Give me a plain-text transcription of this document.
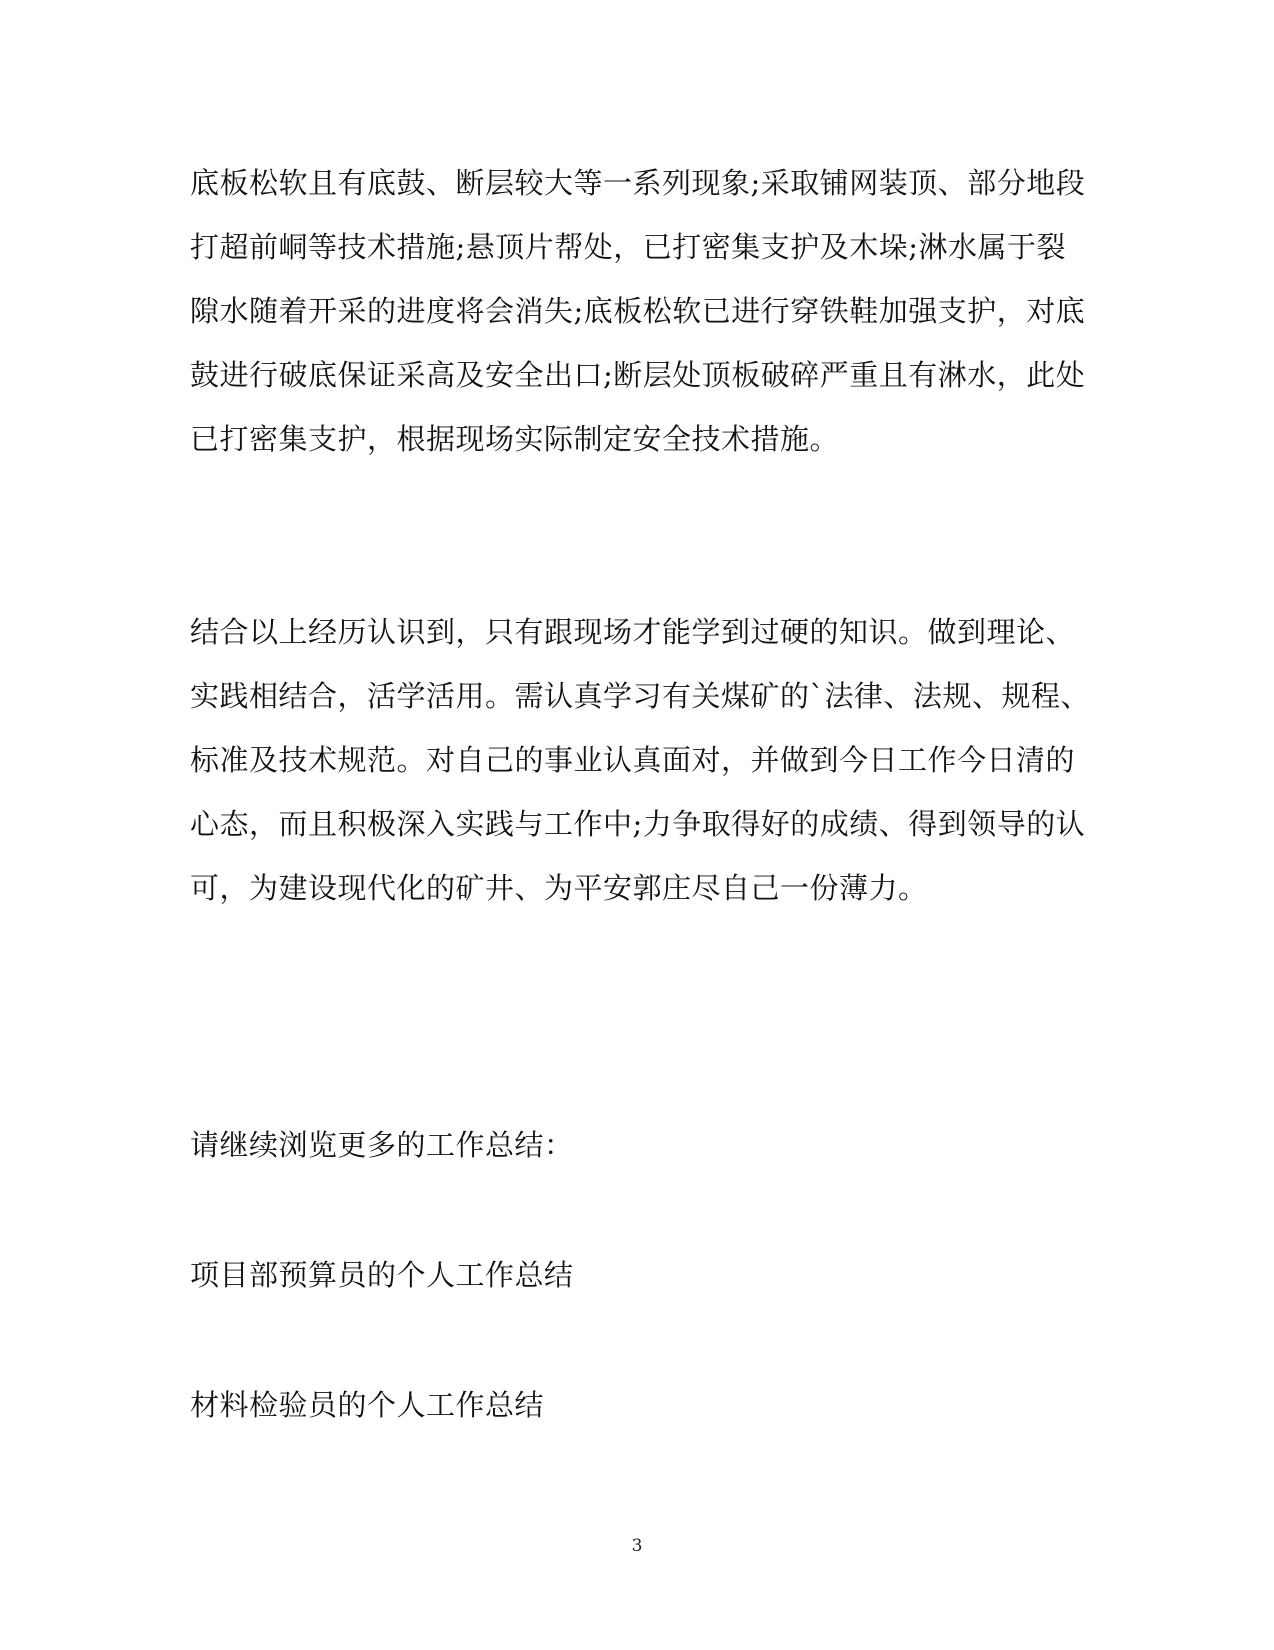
底板松软且有底鼓、断层较大等一系列现象;采取铺网装顶、部分地段
打超前峒等技术措施;悬顶片帮处，已打密集支护及木垛;淋水属于裂
隙水随着开采的进度将会消失;底板松软已进行穿铁鞋加强支护，对底
鼓进行破底保证采高及安全出口;断层处顶板破碎严重且有淋水，此处
已打密集支护，根据现场实际制定安全技术措施。
结合以上经历认识到，只有跟现场才能学到过硬的知识。做到理论、
实践相结合，活学活用。需认真学习有关煤矿的`法律、法规、规程、
标准及技术规范。对自己的事业认真面对，并做到今日工作今日清的
心态，而且积极深入实践与工作中;力争取得好的成绩、得到领导的认
可，为建设现代化的矿井、为平安郭庄尽自己一份薄力。
请继续浏览更多的工作总结：
项目部预算员的个人工作总结
材料检验员的个人工作总结
3
